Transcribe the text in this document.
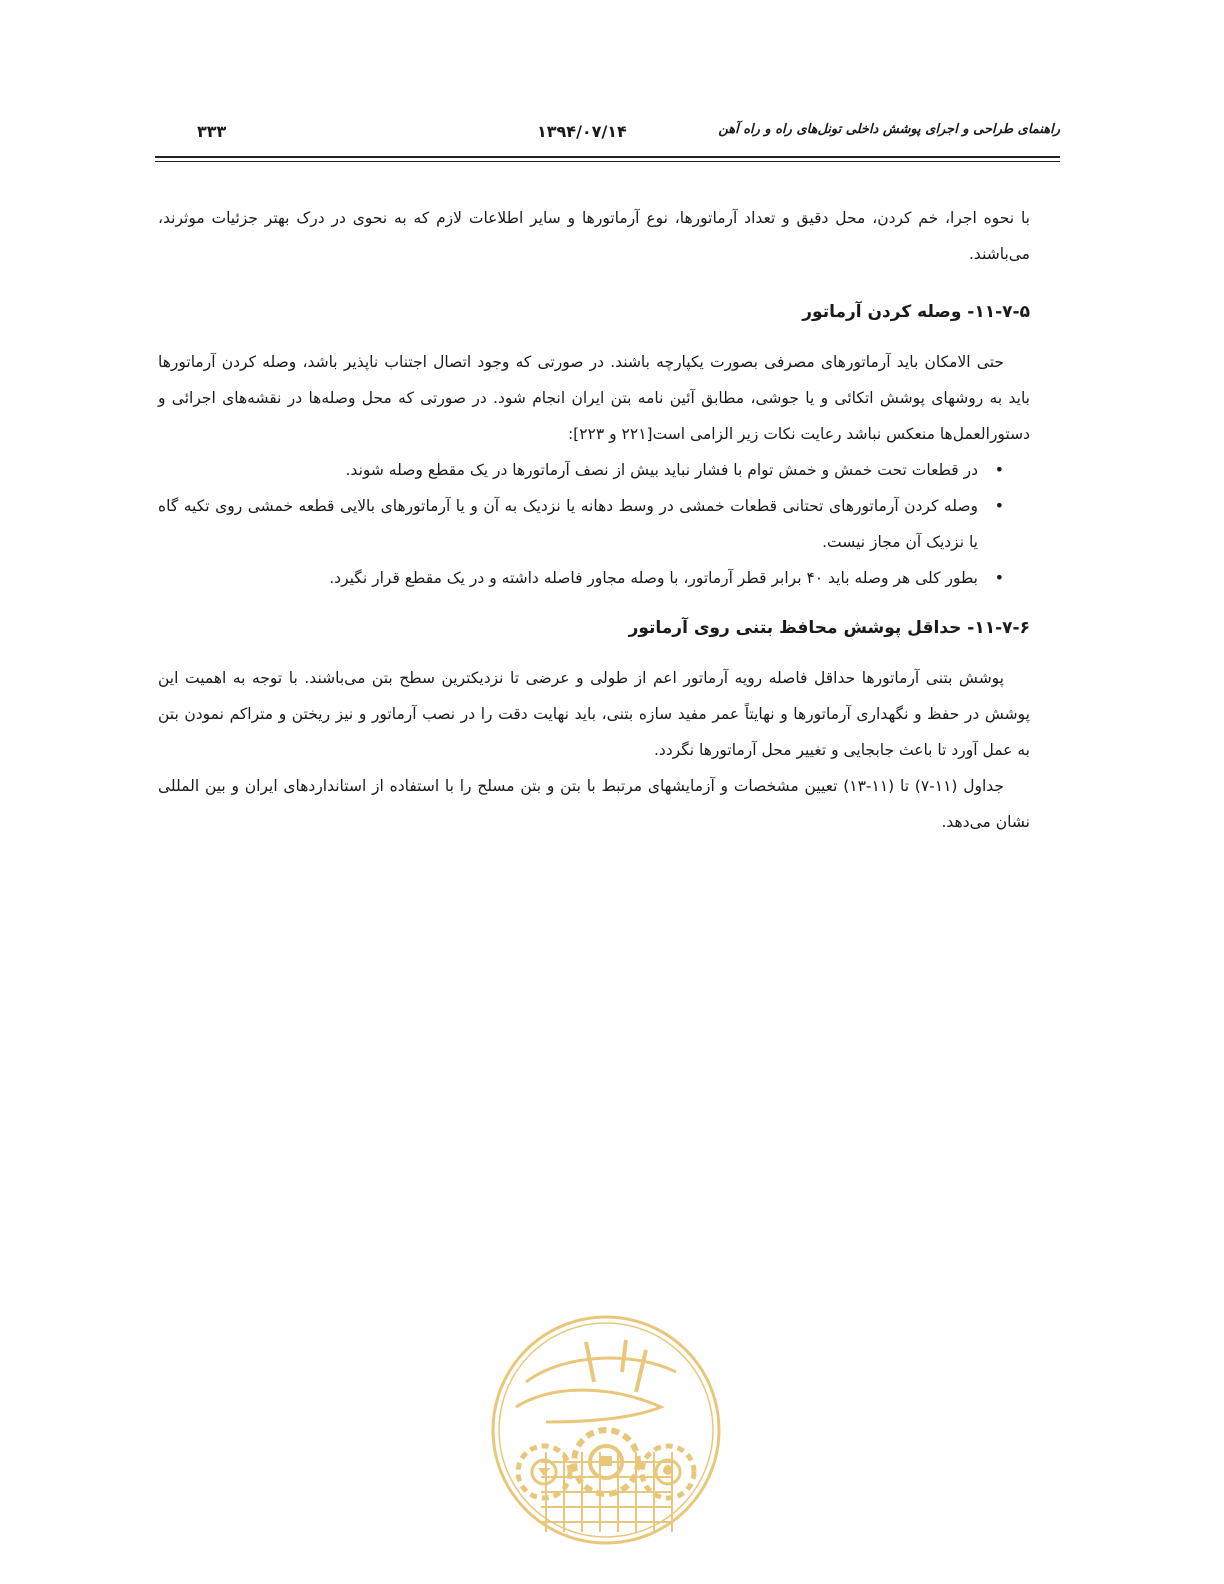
راهنمای طراحی و اجرای پوشش داخلی تونل‌های راه و راه آهن
۱۳۹۴/۰۷/۱۴
۳۳۳

با نحوه اجرا، خم کردن، محل دقیق و تعداد آرماتورها، نوع آرماتورها و سایر اطلاعات لازم که به نحوی در درک بهتر جزئیات موثرند، می‌باشند.

۱۱-۷-۵- وصله کردن آرماتور

حتی الامکان باید آرماتورهای مصرفی بصورت یکپارچه باشند. در صورتی که وجود اتصال اجتناب ناپذیر باشد، وصله کردن آرماتورها باید به روشهای پوشش اتکائی و یا جوشی، مطابق آئین نامه بتن ایران انجام شود. در صورتی که محل وصله‌ها در نقشه‌های اجرائی و دستورالعمل‌ها منعکس نباشد رعایت نکات زیر الزامی است[۲۲۱ و ۲۲۳]:

• در قطعات تحت خمش و خمش توام با فشار نباید بیش از نصف آرماتورها در یک مقطع وصله شوند.
• وصله کردن آرماتورهای تحتانی قطعات خمشی در وسط دهانه یا نزدیک به آن و یا آرماتورهای بالایی قطعه خمشی روی تکیه گاه یا نزدیک آن مجاز نیست.
• بطور کلی هر وصله باید ۴۰ برابر قطر آرماتور، با وصله مجاور فاصله داشته و در یک مقطع قرار نگیرد.
۱۱-۷-۶- حداقل پوشش محافظ بتنی روی آرماتور

پوشش بتنی آرماتورها حداقل فاصله رویه آرماتور اعم از طولی و عرضی تا نزدیکترین سطح بتن می‌باشند. با توجه به اهمیت این پوشش در حفظ و نگهداری آرماتورها و نهایتاً عمر مفید سازه بتنی، باید نهایت دقت را در نصب آرماتور و نیز ریختن و متراکم نمودن بتن به عمل آورد تا باعث جابجایی و تغییر محل آرماتورها نگردد.

جداول (۱۱-۷) تا (۱۱-۱۳) تعیین مشخصات و آزمایشهای مرتبط با بتن و بتن مسلح را با استفاده از استانداردهای ایران و بین المللی نشان می‌دهد.
